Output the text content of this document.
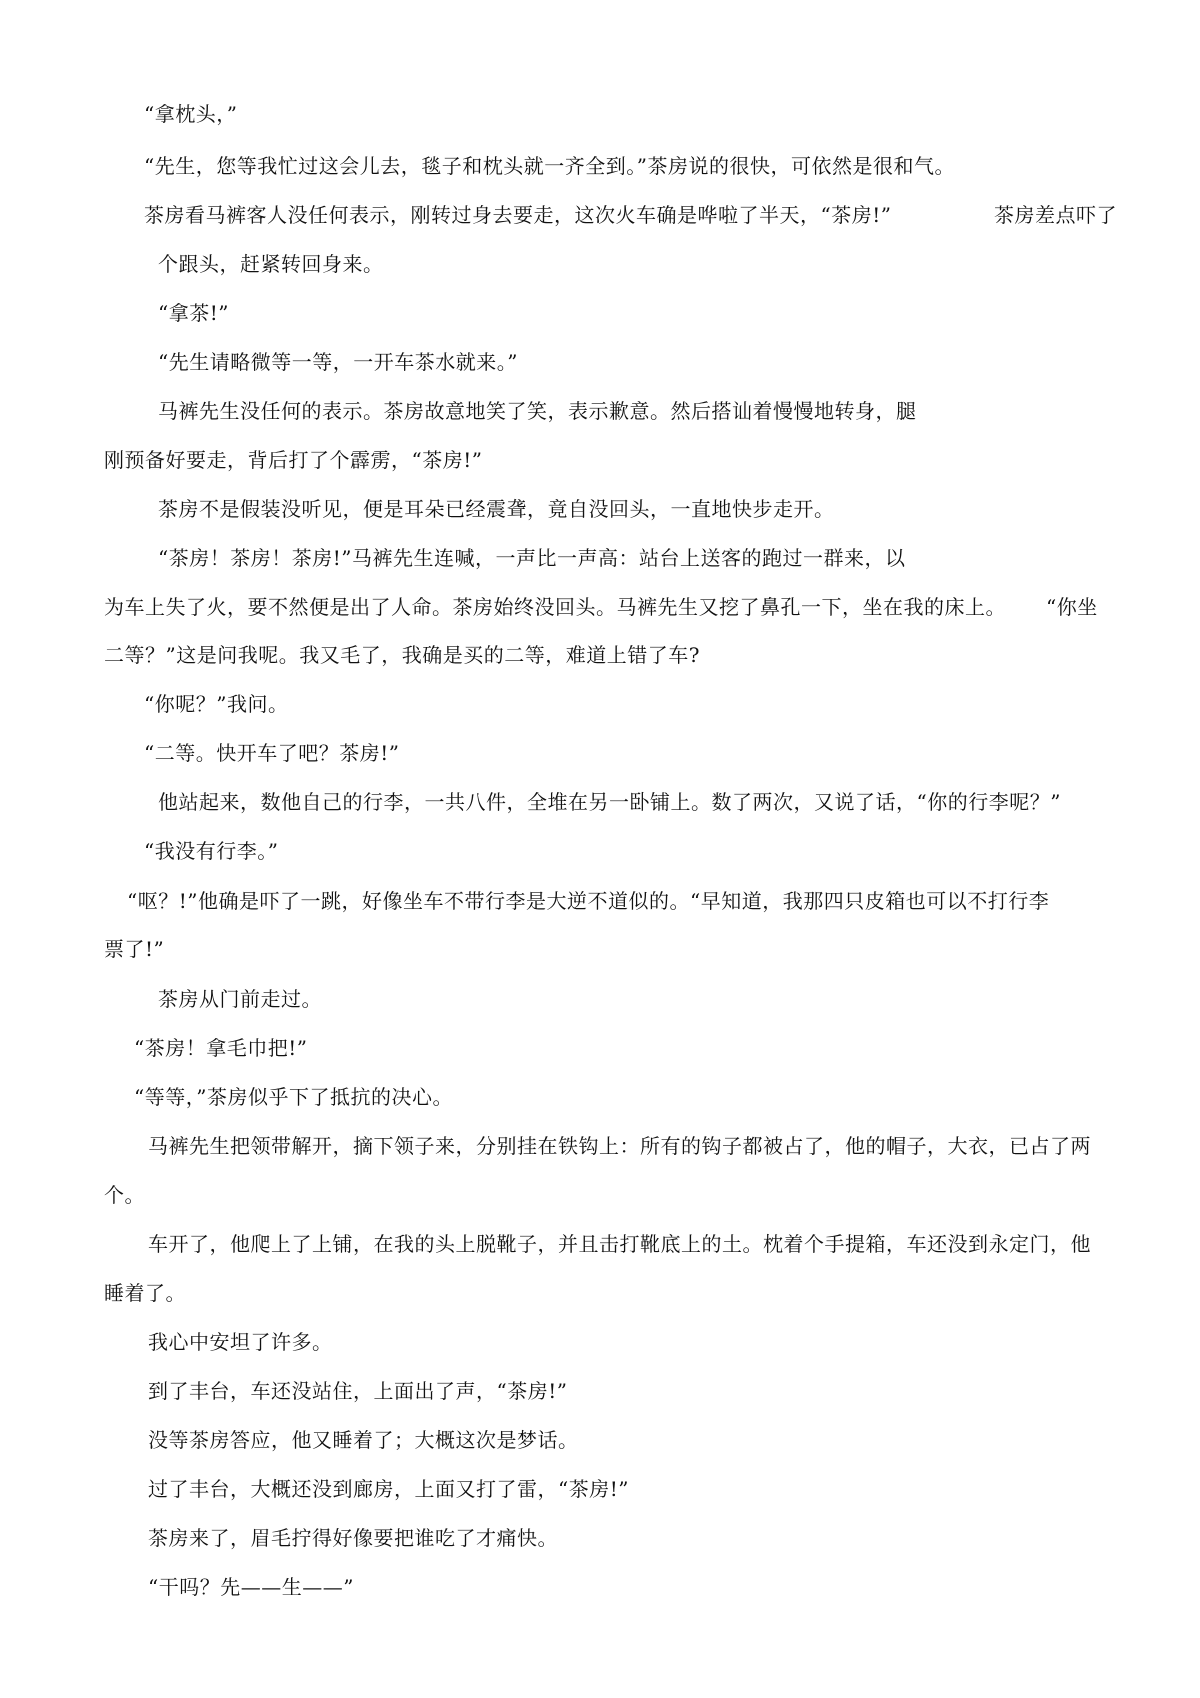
“拿枕头，”
“先生，您等我忙过这会儿去，毯子和枕头就一齐全到。”茶房说的很快，可依然是很和气。
茶房看马裤客人没任何表示，刚转过身去要走，这次火车确是哗啦了半天，“茶房!”	茶房差点吓了
个跟头，赶紧转回身来。
“拿茶!”
“先生请略微等一等，一开车茶水就来。”
马裤先生没任何的表示。茶房故意地笑了笑，表示歉意。然后搭讪着慢慢地转身，腿
刚预备好要走，背后打了个霹雳，“茶房!”
茶房不是假装没听见，便是耳朵已经震聋，竟自没回头，一直地快步走开。
“茶房！茶房！茶房!”马裤先生连喊，一声比一声高：站台上送客的跑过一群来，以
为车上失了火，要不然便是出了人命。茶房始终没回头。马裤先生又挖了鼻孔一下，坐在我的床上。 “你坐
二等？”这是问我呢。我又毛了，我确是买的二等，难道上错了车?
“你呢？”我问。
“二等。快开车了吧？茶房!”
他站起来，数他自己的行李，一共八件，全堆在另一卧铺上。数了两次，又说了话，“你的行李呢？”
“我没有行李。”
“呕？!”他确是吓了一跳，好像坐车不带行李是大逆不道似的。“早知道，我那四只皮箱也可以不打行李
票了!”
茶房从门前走过。
“茶房！拿毛巾把!”
“等等，”茶房似乎下了抵抗的决心。
马裤先生把领带解开，摘下领子来，分别挂在铁钩上：所有的钩子都被占了，他的帽子，大衣，已占了两
个。
车开了，他爬上了上铺，在我的头上脱靴子，并且击打靴底上的土。枕着个手提箱，车还没到永定门，他
睡着了。
我心中安坦了许多。
到了丰台，车还没站住，上面出了声，“茶房!”
没等茶房答应，他又睡着了；大概这次是梦话。
过了丰台，大概还没到廊房，上面又打了雷，“茶房!”
茶房来了，眉毛拧得好像要把谁吃了才痛快。
“干吗？先——生——”
